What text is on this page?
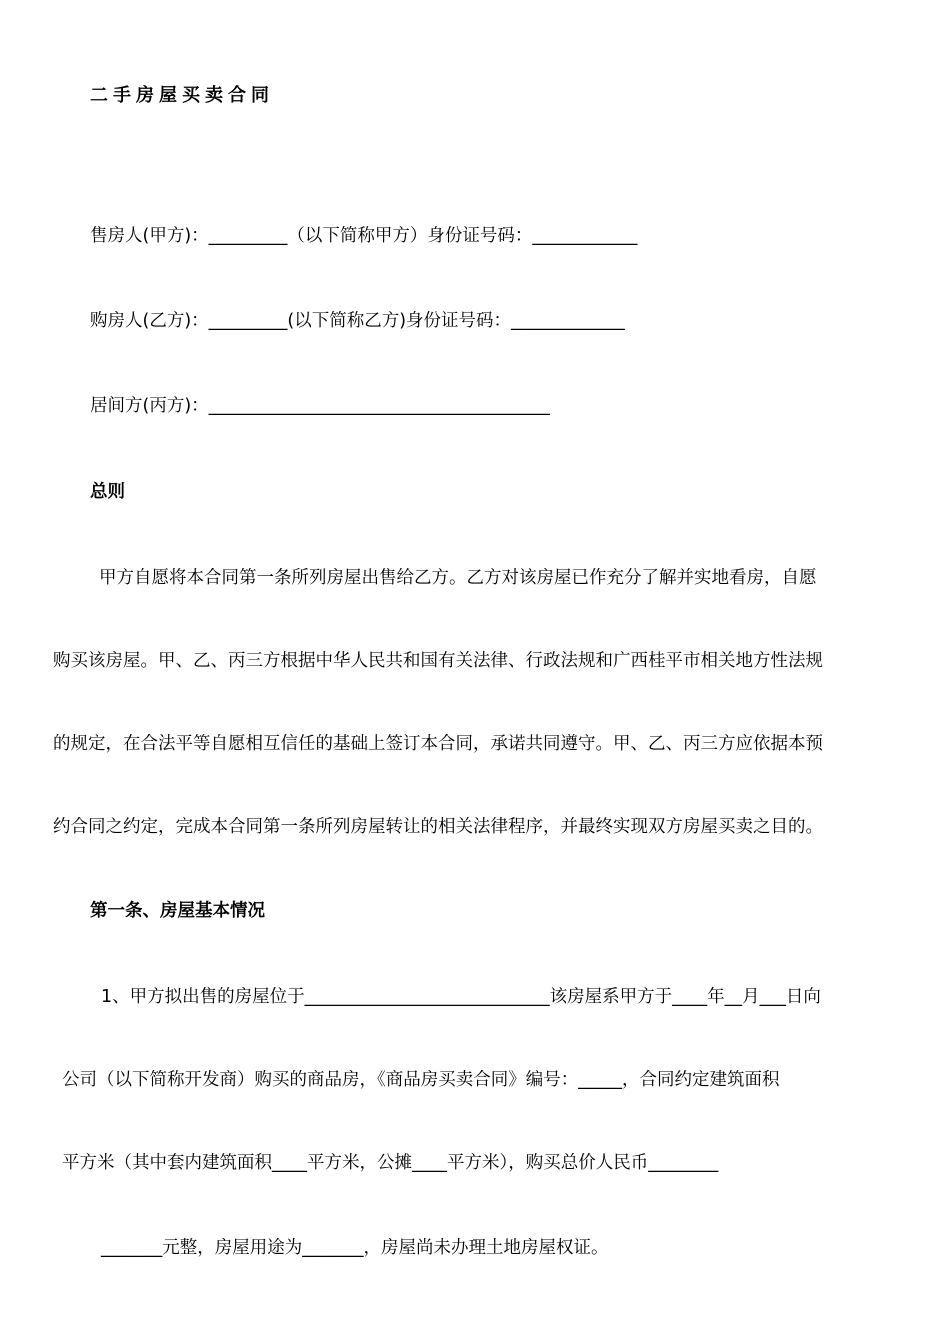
二手房屋买卖合同
售房人(甲方)：_________（以下简称甲方）身份证号码：____________
购房人(乙方)：_________(以下简称乙方)身份证号码：_____________
居间方(丙方)：_______________________________________
总则
甲方自愿将本合同第一条所列房屋出售给乙方。乙方对该房屋已作充分了解并实地看房，自愿
购买该房屋。甲、乙、丙三方根据中华人民共和国有关法律、行政法规和广西桂平市相关地方性法规
的规定，在合法平等自愿相互信任的基础上签订本合同，承诺共同遵守。甲、乙、丙三方应依据本预
约合同之约定，完成本合同第一条所列房屋转让的相关法律程序，并最终实现双方房屋买卖之目的。
第一条、房屋基本情况
1、甲方拟出售的房屋位于____________________________该房屋系甲方于____年__月___日向
公司（以下简称开发商）购买的商品房，《商品房买卖合同》编号：_____，合同约定建筑面积
平方米（其中套内建筑面积____平方米，公摊____平方米），购买总价人民币________
_______元整，房屋用途为_______，房屋尚未办理土地房屋权证。
